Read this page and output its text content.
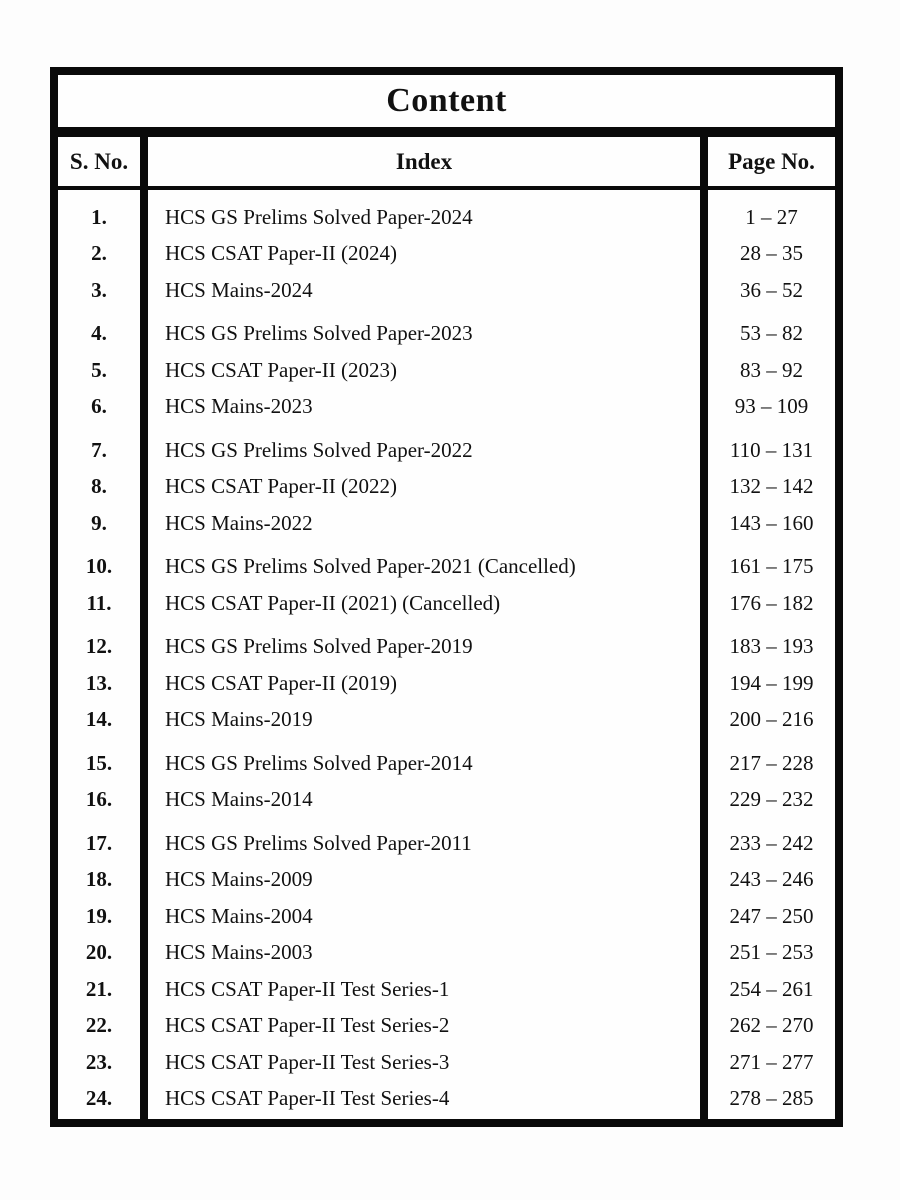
Content
S. No.	Index	Page No.
1.	HCS GS Prelims Solved Paper-2024	1 – 27
2.	HCS CSAT Paper-II (2024)	28 – 35
3.	HCS Mains-2024	36 – 52
4.	HCS GS Prelims Solved Paper-2023	53 – 82
5.	HCS CSAT Paper-II (2023)	83 – 92
6.	HCS Mains-2023	93 – 109
7.	HCS GS Prelims Solved Paper-2022	110 – 131
8.	HCS CSAT Paper-II (2022)	132 – 142
9.	HCS Mains-2022	143 – 160
10.	HCS GS Prelims Solved Paper-2021 (Cancelled)	161 – 175
11.	HCS CSAT Paper-II (2021) (Cancelled)	176 – 182
12.	HCS GS Prelims Solved Paper-2019	183 – 193
13.	HCS CSAT Paper-II (2019)	194 – 199
14.	HCS Mains-2019	200 – 216
15.	HCS GS Prelims Solved Paper-2014	217 – 228
16.	HCS Mains-2014	229 – 232
17.	HCS GS Prelims Solved Paper-2011	233 – 242
18.	HCS Mains-2009	243 – 246
19.	HCS Mains-2004	247 – 250
20.	HCS Mains-2003	251 – 253
21.	HCS CSAT Paper-II Test Series-1	254 – 261
22.	HCS CSAT Paper-II Test Series-2	262 – 270
23.	HCS CSAT Paper-II Test Series-3	271 – 277
24.	HCS CSAT Paper-II Test Series-4	278 – 285
